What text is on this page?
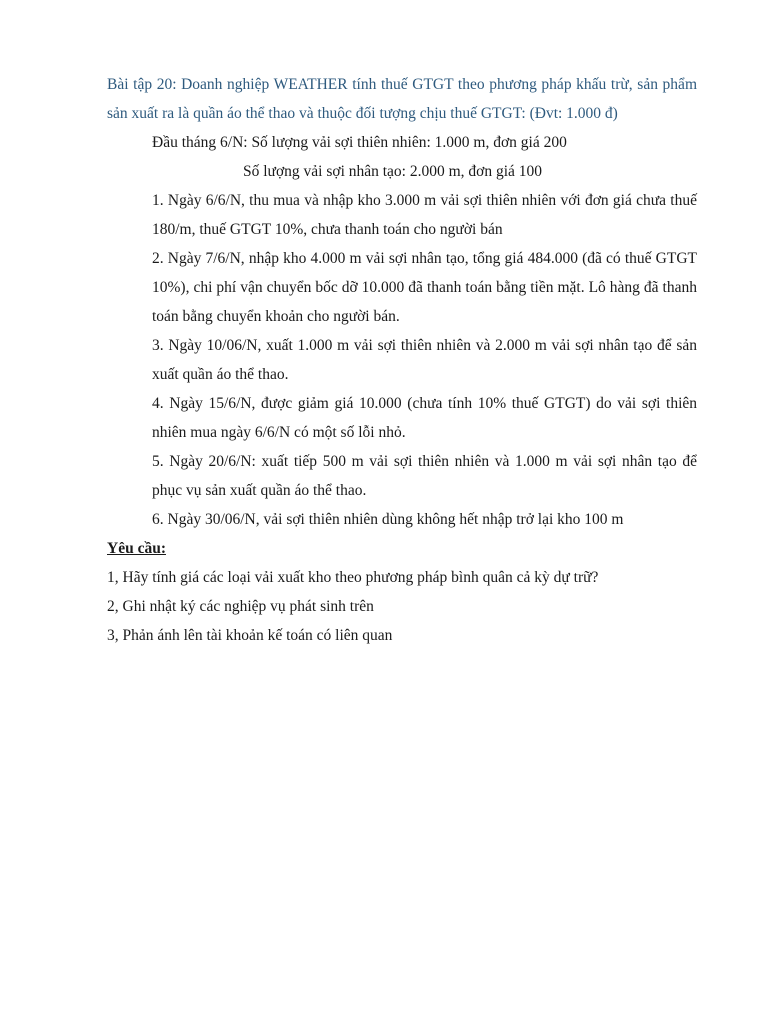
Bài tập 20: Doanh nghiệp WEATHER tính thuế GTGT theo phương pháp khấu trừ, sản phẩm sản xuất ra là quần áo thể thao và thuộc đối tượng chịu thuế GTGT: (Đvt: 1.000 đ)
Đầu tháng 6/N: Số lượng vải sợi thiên nhiên: 1.000 m, đơn giá 200
Số lượng vải sợi nhân tạo: 2.000 m, đơn giá 100
1. Ngày 6/6/N, thu mua và nhập kho 3.000 m vải sợi thiên nhiên với đơn giá chưa thuế 180/m, thuế GTGT 10%, chưa thanh toán cho người bán
2. Ngày 7/6/N, nhập kho 4.000 m vải sợi nhân tạo, tổng giá 484.000 (đã có thuế GTGT 10%), chi phí vận chuyển bốc dỡ 10.000 đã thanh toán bằng tiền mặt. Lô hàng đã thanh toán bằng chuyển khoản cho người bán.
3. Ngày 10/06/N, xuất 1.000 m vải sợi thiên nhiên và 2.000 m vải sợi nhân tạo để sản xuất quần áo thể thao.
4. Ngày 15/6/N, được giảm giá 10.000 (chưa tính 10% thuế GTGT) do vải sợi thiên nhiên mua ngày 6/6/N có một số lỗi nhỏ.
5. Ngày 20/6/N: xuất tiếp 500 m vải sợi thiên nhiên và 1.000 m vải sợi nhân tạo để phục vụ sản xuất quần áo thể thao.
6. Ngày 30/06/N, vải sợi thiên nhiên dùng không hết nhập trở lại kho 100 m
Yêu cầu:
1, Hãy tính giá các loại vải xuất kho theo phương pháp bình quân cả kỳ dự trữ?
2, Ghi nhật ký các nghiệp vụ phát sinh trên
3, Phản ánh lên tài khoản kế toán có liên quan
